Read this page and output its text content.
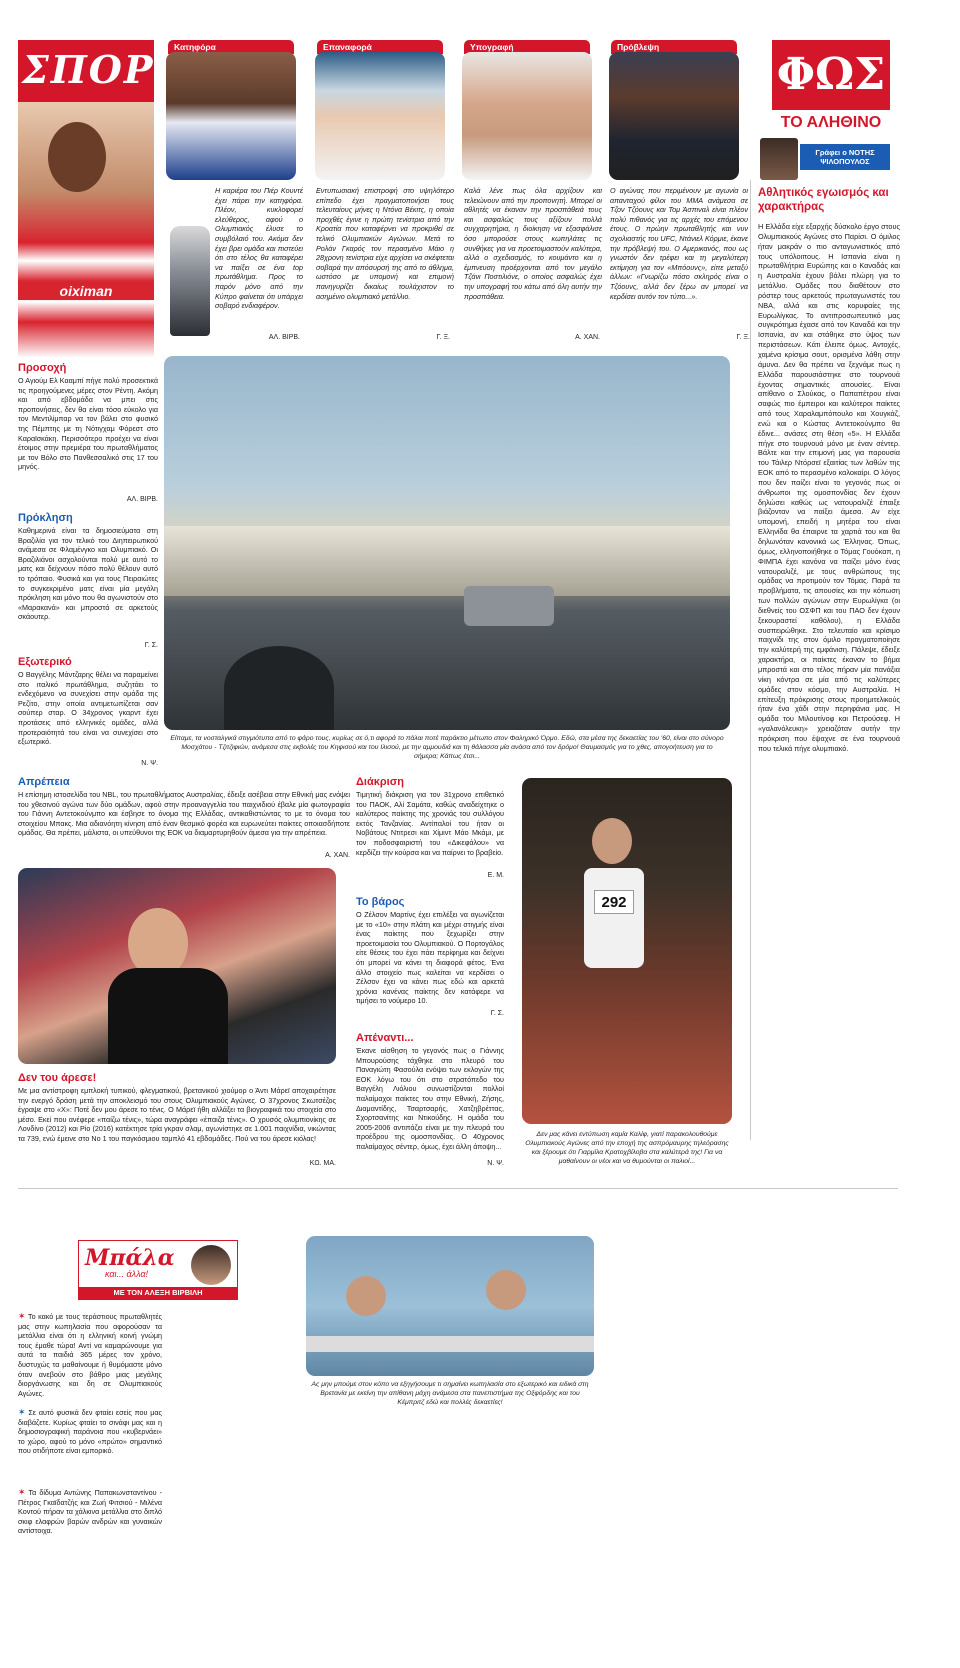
ΣΠΟΡ
oiximan
Κατηφόρα
Η καριέρα του Πιέρ Κουντέ έχει πάρει την κατηφόρα. Πλέον, κυκλοφορεί ελεύθερος, αφού ο Ολυμπιακός έλυσε το συμβόλαιό του. Ακόμα δεν έχει βρει ομάδα και πιστεύει ότι στο τέλος θα καταφέρει να παίξει σε ένα top πρωτάθλημα. Προς το παρόν μόνο από την Κύπρο φαίνεται ότι υπάρχει σοβαρό ενδιαφέρον.
ΑΛ. ΒΙΡΒ.
Επαναφορά
Εντυπωσιακή επιστροφή στο υψηλότερο επίπεδο έχει πραγματοποιήσει τους τελευταίους μήνες η Ντόνα Βέκιτς, η οποία προχθές έγινε η πρώτη τενίστρια από την Κροατία που καταφέρνει να προκριθεί σε τελικό Ολυμπιακών Αγώνων. Μετά το Ρολάν Γκαρός τον περασμένο Μάιο η 28χρονη τενίστρια είχε αρχίσει να σκέφτεται σοβαρά την απόσυρσή της από το άθλημα, ωστόσο με υπομονή και επιμονή πανηγυρίζει δικαίως τουλάχιστον το ασημένιο ολυμπιακό μετάλλιο.
Γ. Ξ.
Υπογραφή
Καλά λένε πως όλα αρχίζουν και τελειώνουν από την προπονητή. Μπορεί οι αθλητές να έκαναν την προσπάθειά τους και ασφαλώς τους αξίζουν πολλά συγχαρητήρια, η διοίκηση να εξασφάλισε όσο μπορούσε στους κωπηλάτες τις συνθήκες για να προετοιμαστούν καλύτερα, αλλά ο σχεδιασμός, το κουμάντο και η έμπνευση προέρχονται από τον μεγάλο Τζάνι Ποστιλιόνε, ο οποίος ασφαλώς έχει την υπογραφή του κάτω από όλη αυτήν την προσπάθεια.
Α. ΧΑΝ.
Πρόβλεψη
Ο αγώνας που περιμένουν με αγωνία οι απανταχού φίλοι του MMA ανάμεσα σε Τζον Τζόουνς και Τομ Άσπιναλ είναι πλέον πολύ πιθανός για τις αρχές του επόμενου έτους. Ο πρώην πρωταθλητής και νυν σχολιαστής του UFC, Ντάνιελ Κόρμιε, έκανε την πρόβλεψή του. Ο Αμερικανός, που ως γνωστόν δεν τρέφει και τη μεγαλύτερη εκτίμηση για τον «Μπόουνς», είπε μεταξύ άλλων: «Γνωρίζω πόσο σκληρός είναι ο Τζόουνς, αλλά δεν ξέρω αν μπορεί να κερδίσει αυτόν τον τύπο...».
Γ. Ξ.
ΦΩΣ
ΤΟ ΑΛΗΘΙΝΟ
Γράφει ο ΝΟΤΗΣ ΨΙΛΟΠΟΥΛΟΣ
Αθλητικός εγωισμός και χαρακτήρας
Η Ελλάδα είχε εξαρχής δύσκολο έργο στους Ολυμπιακούς Αγώνες στο Παρίσι. Ο όμιλος ήταν μακράν ο πιο ανταγωνιστικός από τους υπόλοιπους. Η Ισπανία είναι η πρωταθλήτρια Ευρώπης και ο Καναδάς και η Αυστραλία έχουν βάλει πλώρη για το μετάλλιο. Ομάδες που διαθέτουν στο ρόστερ τους αρκετούς πρωταγωνιστές του NBA, αλλά και στις κορυφαίες της Ευρωλίγκας. Το αντιπροσωπευτικό μας συγκρότημα έχασε από τον Καναδά και την Ισπανία, αν και στάθηκε στο ύψος των περιστάσεων. Κάτι έλειπε όμως. Αντοχές, χαμένα κρίσιμα σουτ, ορισμένα λάθη στην άμυνα. Δεν θα πρέπει να ξεχνάμε πως η Ελλάδα παρουσιάστηκε στο τουρνουά έχοντας σημαντικές απουσίες. Είναι απίθανο ο Σλούκας, ο Παπαπέτρου είναι σαφώς πιο έμπειροι και καλύτεροι παίκτες από τους Χαραλαμπόπουλο και Χουγκάζ, ενώ και ο Κώστας Αντετοκούνμπο θα έδινε... ανάσες στη θέση «5». Η Ελλάδα πήγε στο τουρνουά μόνο με έναν σέντερ. Βάλτε και την επιμονή μας για παρουσία του Τάιλερ Ντόρσεϊ εξαιτίας των λαθών της ΕΟΚ από το περασμένο καλοκαίρι. Ο λόγος που δεν παίζει είναι το γεγονός πως οι άνθρωποι της ομοσπονδίας δεν έχουν δηλώσει καθώς ως νατουραλιζέ έπαιξε βιάζονταν να παίξει άμεσα. Αν είχε υπομονή, επειδή η μητέρα του είναι Ελληνίδα θα έπαιρνε τα χαρτιά του και θα δηλωνόταν κανονικά ως Έλληνας. Όπως, όμως, ελληνοποιήθηκε ο Τόμας Γουόκαπ, η ΦΙΜΠΑ έχει κανόνα να παίζει μόνο ένας νατουραλιζέ, με τους ανθρώπους της ομάδας να προτιμούν τον Τόμας. Παρά τα προβλήματα, τις απουσίες και την κόπωση των πολλών αγώνων στην Ευρωλίγκα (οι διεθνείς του ΟΣΦΠ και του ΠΑΟ δεν έχουν ξεκουραστεί καθόλου), η Ελλάδα συσπειρώθηκε. Στο τελευταίο και κρίσιμο παιχνίδι της στον όμιλο πραγματοποίησε την καλύτερή της εμφάνιση. Πάλεψε, έδειξε χαρακτήρα, οι παίκτες έκαναν το βήμα μπροστά και στο τέλος πήραν μία πανάξια νίκη κόντρα σε μία από τις καλύτερες ομάδες στον κόσμο, την Αυστραλία. Η επίτευξη πρόκρισης στους προημιτελικούς ήταν ένα χάδι στην περηφάνια μας. Η ομάδα του Μιλουτίνοφ και Πετρούσεφ. Η «γαλανόλευκη» χρειαζόταν αυτήν την πρόκριση που έψαχνε σε ένα τουρνουά που τελικά πήγε ολυμπιακό.
Προσοχή
Ο Αγιούμ Ελ Κααμπί πήγε πολύ προσεκτικά τις προηγούμενες μέρες στον Ρέντη. Ακόμη και από εβδομάδα να μπει στις προπονήσεις, δεν θα είναι τόσο εύκολο για τον Μεντιλίμπαρ να τον βάλει στο φυσικό της Πέμπτης με τη Νότιγχαμ Φόρεστ στο Καραϊσκάκη. Περισσότερο προέχει να είναι έτοιμος στην πρεμιέρα του πρωταθλήματος με τον Βόλο στο Πανθεσσαλικό στις 17 του μηνός.
ΑΛ. ΒΙΡΒ.
Πρόκληση
Καθημερινά είναι τα δημοσιεύματα στη Βραζιλία για τον τελικό του Διηπειρωτικού ανάμεσα σε Φλαμένγκο και Ολυμπιακό. Οι Βραζιλιάνοι ασχολούνται πολύ με αυτό το ματς και δείχνουν πόσο πολύ θέλουν αυτό το τρόπαιο. Φυσικά και για τους Πειραιώτες το συγκεκριμένο ματς είναι μία μεγάλη πρόκληση και μόνο που θα αγωνιστούν στο «Μαρακανά» και μπροστά σε αρκετούς σκάουτερ.
Γ. Σ.
Εξωτερικό
Ο Βαγγέλης Μάντζαρης θέλει να παραμείνει στο ιταλικό πρωτάθλημα, συζητάει το ενδεχόμενο να συνεχίσει στην ομάδα της Ρεζίτο, στην οποία αντιμετωπίζεται σαν σούπερ σταρ. Ο 34χρονος γκαρντ έχει προτάσεις από ελληνικές ομάδες, αλλά προτεραιότητά του είναι να συνεχίσει στο εξωτερικό.
Ν. Ψ.
Είπαμε, τα νοσταλγικά στιγμιότυπα από το φάρο τους, κυρίως σε ό,τι αφορά το πάλαι ποτέ παράκτιο μέτωπο στον Φαληρικό Όρμο. Εδώ, στα μέσα της δεκαετίας του '60, είναι στο σύνορο Μοσχάτου - Τζιτζιφιών, ανάμεσα στις εκβολές του Κηφισού και του Ιλισού, με την αμμουδιά και τη θάλασσα μία ανάσα από τον δρόμο! Θαυμασμός για το χθες, απογοήτευση για το σήμερα; Κάπως έτσι...
Απρέπεια
Η επίσημη ιστοσελίδα του NBL, του πρωταθλήματος Αυστραλίας, έδειξε ασέβεια στην Εθνική μας ενόψει του χθεσινού αγώνα των δύο ομάδων, αφού στην προαναγγελία του παιχνιδιού έβαλε μία φωτογραφία του Γιάννη Αντετοκούνμπο και έσβησε το όνομα της Ελλάδας, αντικαθιστώντας το με το όνομα του στοιχείου Μπακς. Μια αδιανόητη κίνηση από έναν θεσμικό φορέα και ευρωνεύτει παίκτες οποιασδήποτε ομάδας. Θα πρέπει, μάλιστα, οι υπεύθυνοι της ΕΟΚ να διαμαρτυρηθούν άμεσα για την απρέπεια.
Α. ΧΑΝ.
Δεν του άρεσε!
Με μια αντίστροφη εμπλοκή τυπικού, φλεγματικού, βρετανικού χιούμορ ο Άντι Μάρεϊ αποχαιρέτησε την ενεργό δράση μετά την αποκλεισμό του στους Ολυμπιακούς Αγώνες. Ο 37χρονος Σκωτσέζος έγραψε στο «Χ»: Ποτέ δεν μου άρεσε το τένις. Ο Μάρεϊ ήθη αλλάξει τα βιογραφικά του στοιχεία στο μέσο. Εκεί που ανέφερε «παίζω τένις», τώρα αναγράφει «έπαιζα τένις». Ο χρυσός ολυμπιονίκης σε Λονδίνο (2012) και Ρίο (2016) κατέκτησε τρία γκραν σλαμ, αγωνίστηκε σε 1.001 παιχνίδια, νικώντας τα 739, ενώ έμεινε στο Νο 1 του παγκόσμιου ταμπλό 41 εβδομάδες. Πού να του άρεσε κιόλας!
ΚΩ. ΜΑ.
Διάκριση
Τιμητική διάκριση για τον 31χρονο επιθετικό του ΠΑΟΚ, Αλί Σαμάτα, καθώς αναδείχτηκε ο καλύτερος παίκτης της χρονιάς του συλλόγου εκτός Τανζανίας. Αντίπαλοί του ήταν οι Νοβάτους Ντιτρεσι και Χίμιντ Μάο Μκάμι, με τον ποδοσφαιριστή του «Δικεφάλου» να κερδίζει την κούρσα και να παίρνει το βραβείο.
Ε. Μ.
Το βάρος
Ο Ζέλσον Μαρτίνς έχει επιλέξει να αγωνίζεται με το «10» στην πλάτη και μέχρι στιγμής είναι ένας παίκτης που ξεχωρίζει στην προετοιμασία του Ολυμπιακού. Ο Πορτογάλος είτε θέσεις του έχει πάει περίφημα και δείχνει ότι μπορεί να κάνει τη διαφορά φέτος. Ένα άλλο στοιχείο πως καλείται να κερδίσει ο Ζέλσον έχει να κάνει πως εδώ και αρκετά χρόνια κανένας παίκτης δεν κατάφερε να τιμήσει το νούμερο 10.
Γ. Σ.
Απέναντι...
Έκανε αίσθηση το γεγονός πως ο Γιάννης Μπουρούσης τάχθηκε στο πλευρό του Παναγιώτη Φασούλα ενόψει των εκλογών της ΕΟΚ λόγω του ότι στο στρατόπεδο του Βαγγέλη Λιόλιου συνωστίζονται πολλοί παλαίμαχοι παίκτες του στην Εθνική, Ζήσης, Διαμαντίδης, Τσαρτσαρής, Χατζηβρέττας, Σχορτσανίτης και Ντικούδης. Η ομάδα του 2005-2006 αντιπάζει είναι με την πλευρά του προέδρου της ομοσπονδίας. Ο 40χρονος παλαίμαχος σέντερ, όμως, έχει άλλη άποψη...
Ν. Ψ.
292
Δεν μας κάνει εντύπωση καμία Καλίφ, γιατί παρακολουθούμε Ολυμπιακούς Αγώνες από την εποχή της ασπρόμαυρης τηλεόρασης και ξέρουμε ότι Γιαρμίλα Κρατοχβίλοβα στα καλύτερά της! Για να μαθαίνουν οι νέοι και να θυμούνται οι παλιοί...
Μπάλα
και... άλλα!
ΜΕ ΤΟΝ ΑΛΕΞΗ ΒΙΡΒΙΛΗ
✶ Το κακό με τους τεράστιους πρωταθλητές μας στην κωπηλασία που αφορούσαν τα μετάλλια είναι ότι η ελληνική κοινή γνώμη τους έμαθε τώρα! Αντί να καμαρώνουμε για αυτά τα παιδιά 365 μέρες τον χρόνο, δυστυχώς τα μαθαίνουμε ή θυμόμαστε μόνο όταν ανεβούν στο βάθρο μιας μεγάλης διοργάνωσης και δη σε Ολυμπιακούς Αγώνες.
✶ Σε αυτό φυσικά δεν φταίει εσείς που μας διαβάζετε. Κυρίως φταίει το σινάφι μας και η δημοσιογραφική παράνοια που «κυβερνάει» το χώρο, αφού το μόνο «πρώτο» σημαντικό που οτιδήποτε είναι εμπορικό.
✶ Τα δίδυμα Αντώνης Παπακωνσταντίνου - Πέτρος Γκαϊδατζής και Ζωή Φιτσιού - Μιλένα Κοντού πήραν τα χάλκινα μετάλλια στο διπλό σκιφ ελαφρών βαρών ανδρών και γυναικών αντίστοιχα.
Ας μην μπούμε στον κόπο να εξηγήσουμε τι σημαίνει κωπηλασία στο εξωτερικό και ειδικά στη Βρετανία με εκείνη την απίθανη μάχη ανάμεσα στα πανεπιστήμια της Οξφόρδης και του Κέμπριτζ εδώ και πολλές δεκαετίες!
